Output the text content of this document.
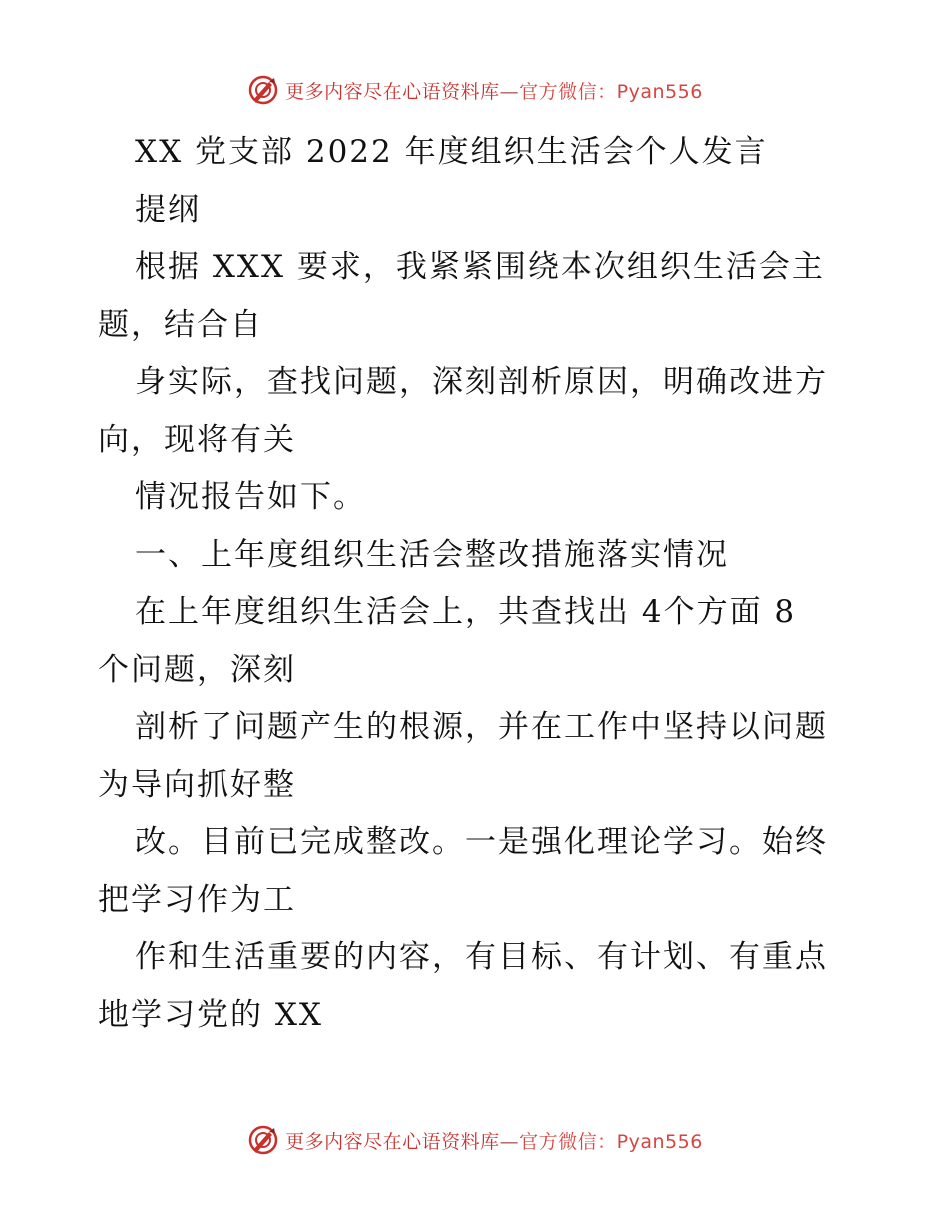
更多内容尽在心语资料库—官方微信：Pyan556
XX 党支部 2022 年度组织生活会个人发言
提纲
根据 XXX 要求，我紧紧围绕本次组织生活会主
题，结合自
身实际，查找问题，深刻剖析原因，明确改进方
向，现将有关
情况报告如下。
一、上年度组织生活会整改措施落实情况
在上年度组织生活会上，共查找出 4个方面 8
个问题，深刻
剖析了问题产生的根源，并在工作中坚持以问题
为导向抓好整
改。目前已完成整改。一是强化理论学习。始终
把学习作为工
作和生活重要的内容，有目标、有计划、有重点
地学习党的 XX
更多内容尽在心语资料库—官方微信：Pyan556
